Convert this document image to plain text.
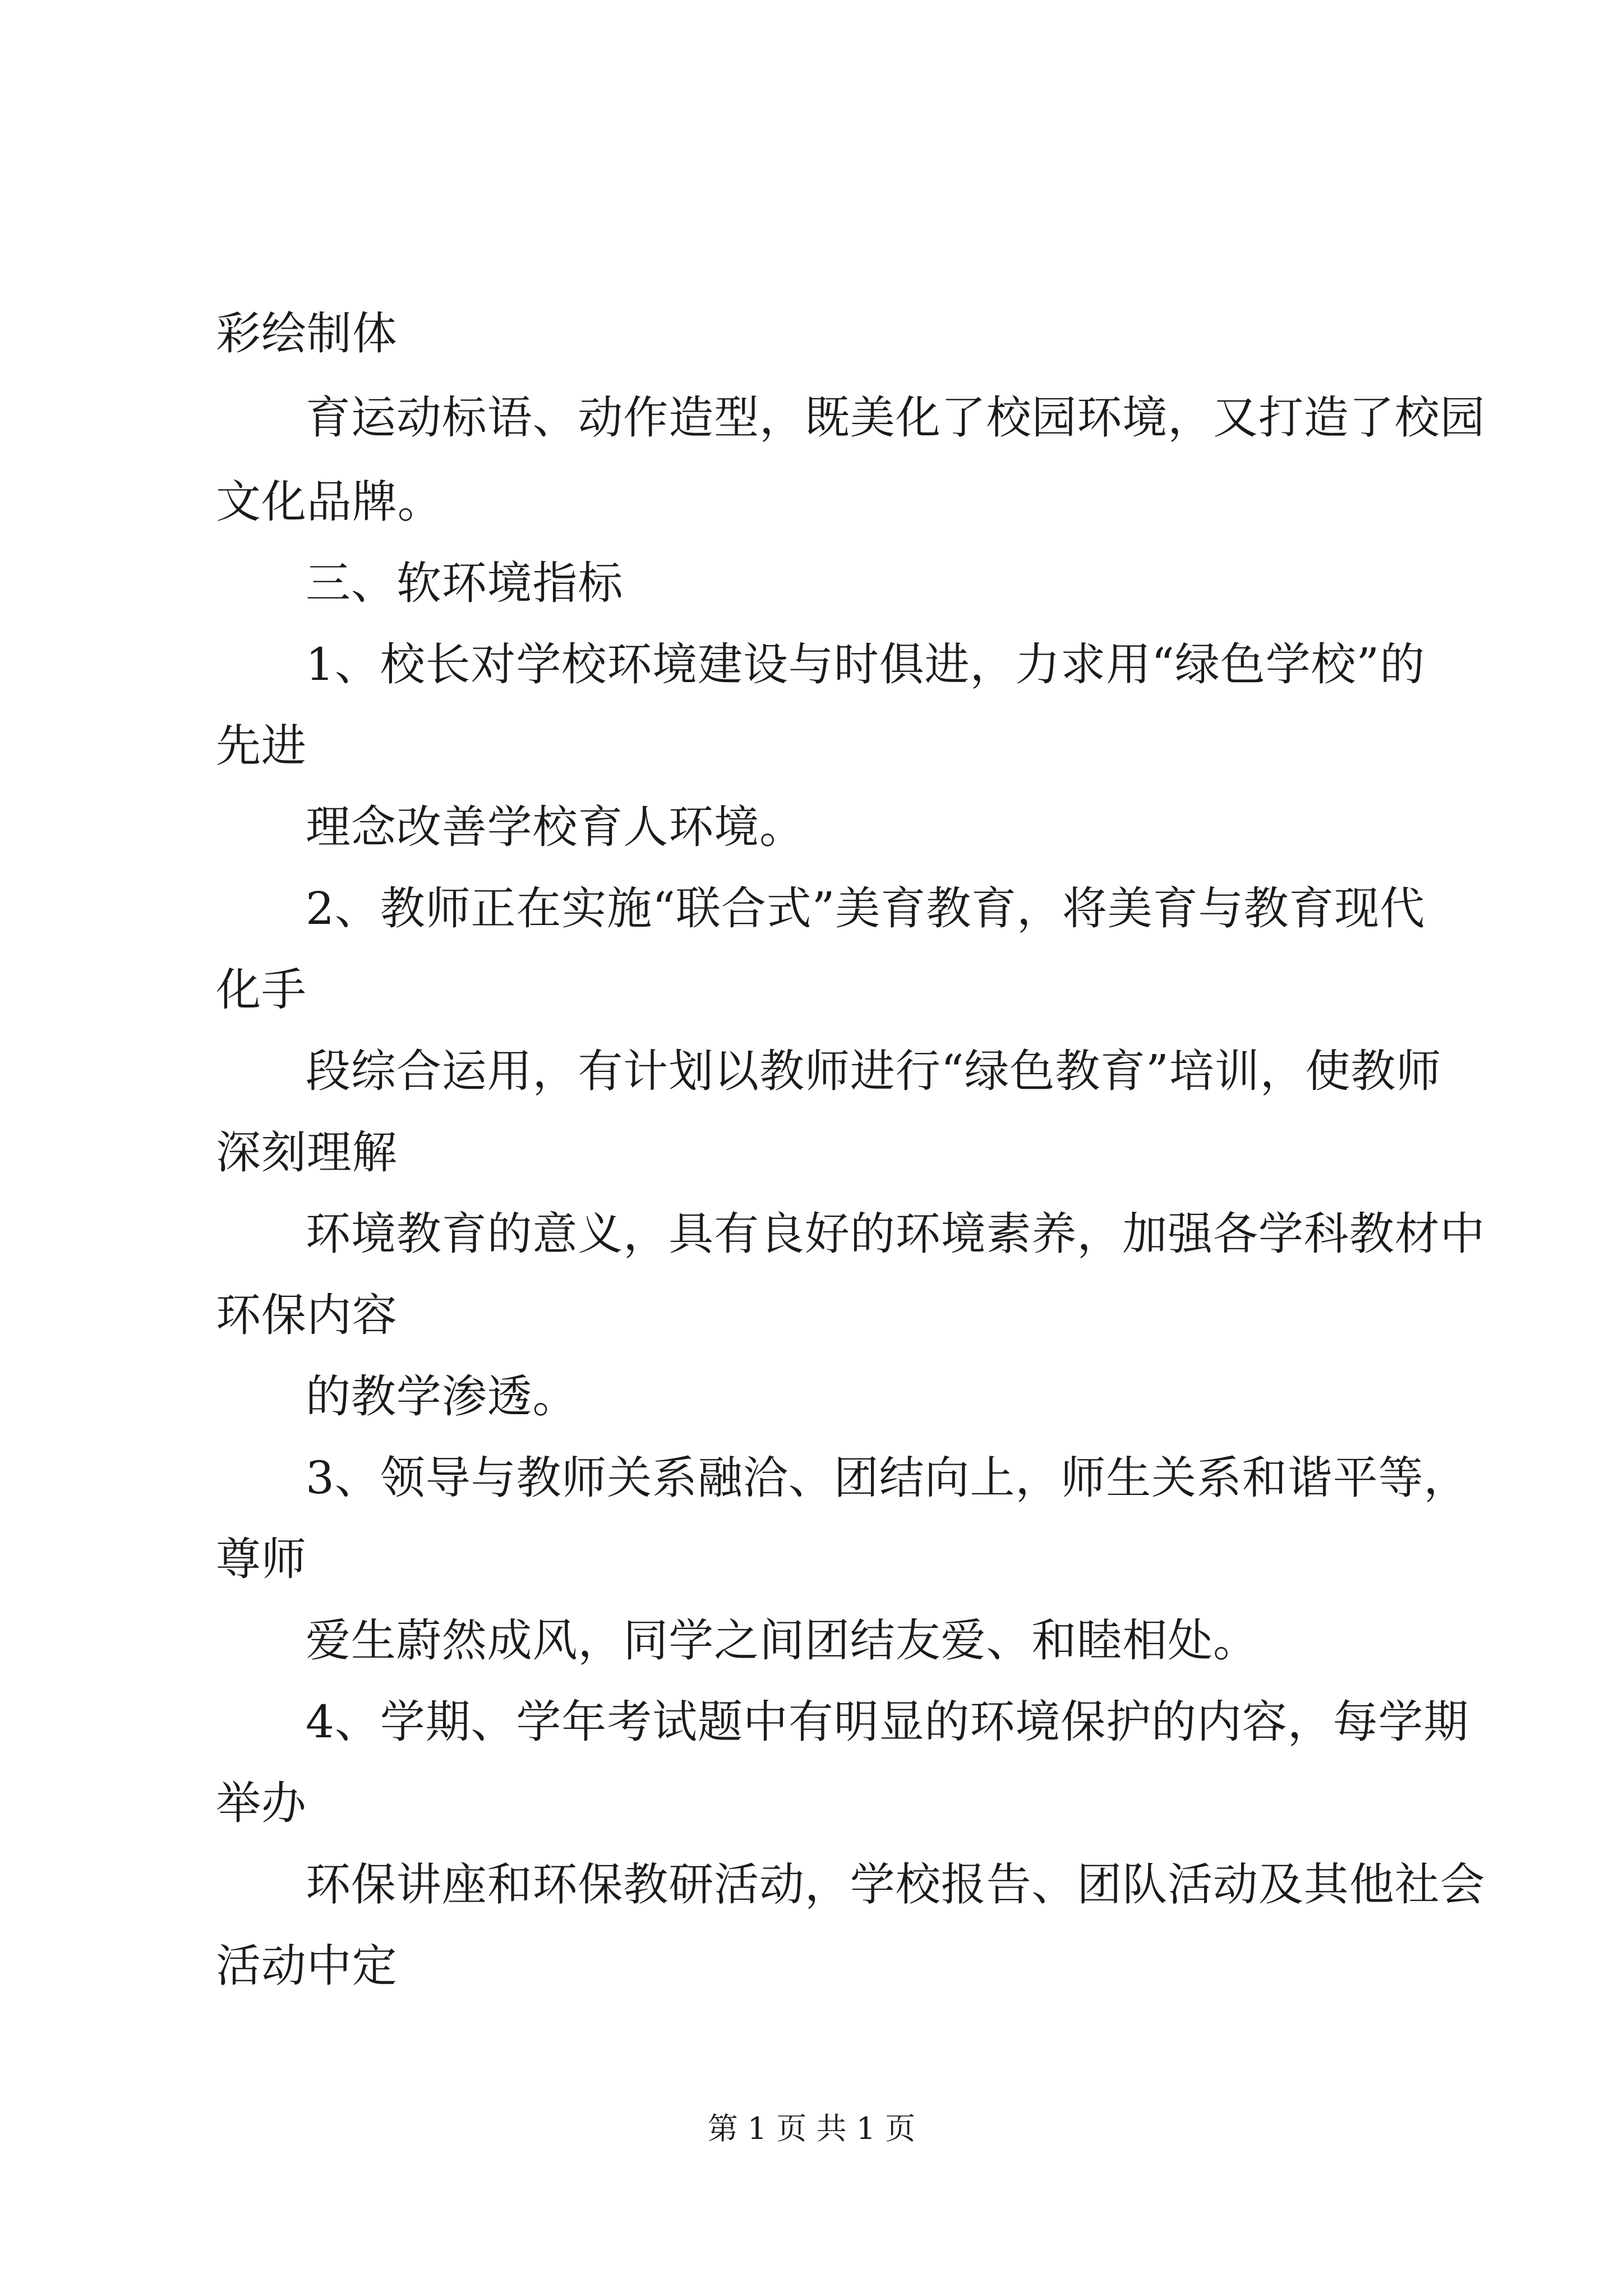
彩绘制体
育运动标语、动作造型，既美化了校园环境，又打造了校园
文化品牌。
三、软环境指标
1、校长对学校环境建设与时俱进，力求用“绿色学校”的
先进
理念改善学校育人环境。
2、教师正在实施“联合式”美育教育，将美育与教育现代
化手
段综合运用，有计划以教师进行“绿色教育”培训，使教师
深刻理解
环境教育的意义，具有良好的环境素养，加强各学科教材中
环保内容
的教学渗透。
3、领导与教师关系融洽、团结向上，师生关系和谐平等，
尊师
爱生蔚然成风，同学之间团结友爱、和睦相处。
4、学期、学年考试题中有明显的环境保护的内容，每学期
举办
环保讲座和环保教研活动，学校报告、团队活动及其他社会
活动中定
第 1 页 共 1 页
